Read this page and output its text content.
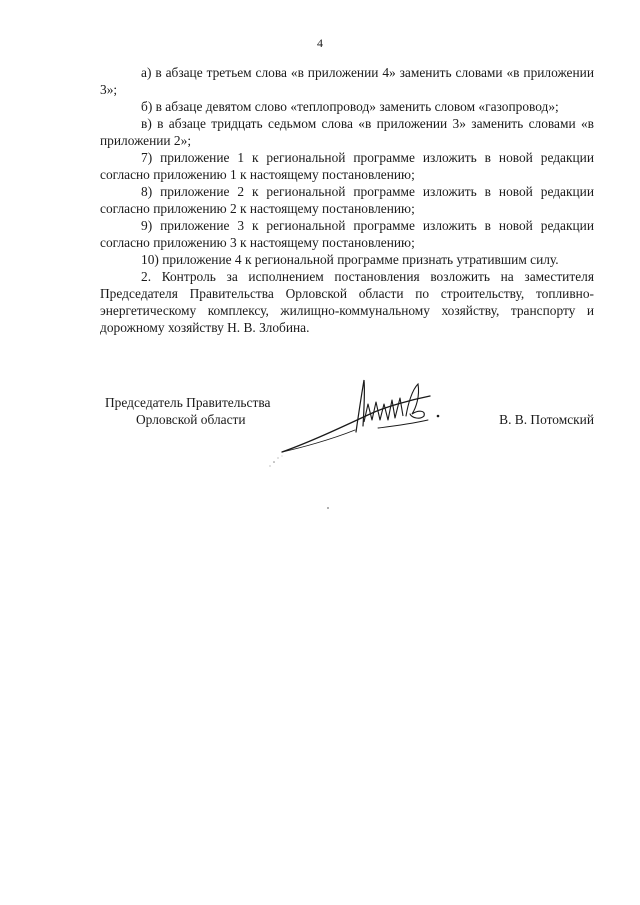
4

а) в абзаце третьем слова «в приложении 4» заменить словами «в приложении 3»;

б) в абзаце девятом слово «теплопровод» заменить словом «газопровод»;

в) в абзаце тридцать седьмом слова «в приложении 3» заменить словами «в приложении 2»;

7) приложение 1 к региональной программе изложить в новой редакции согласно приложению 1 к настоящему постановлению;

8) приложение 2 к региональной программе изложить в новой редакции согласно приложению 2 к настоящему постановлению;

9) приложение 3 к региональной программе изложить в новой редакции согласно приложению 3 к настоящему постановлению;

10) приложение 4 к региональной программе признать утратившим силу.

2. Контроль за исполнением постановления возложить на заместителя Председателя Правительства Орловской области по строительству, топливно-энергетическому комплексу, жилищно-коммунальному хозяйству, транспорту и дорожному хозяйству Н. В. Злобина.

Председатель Правительства
Орловской области	В. В. Потомский
